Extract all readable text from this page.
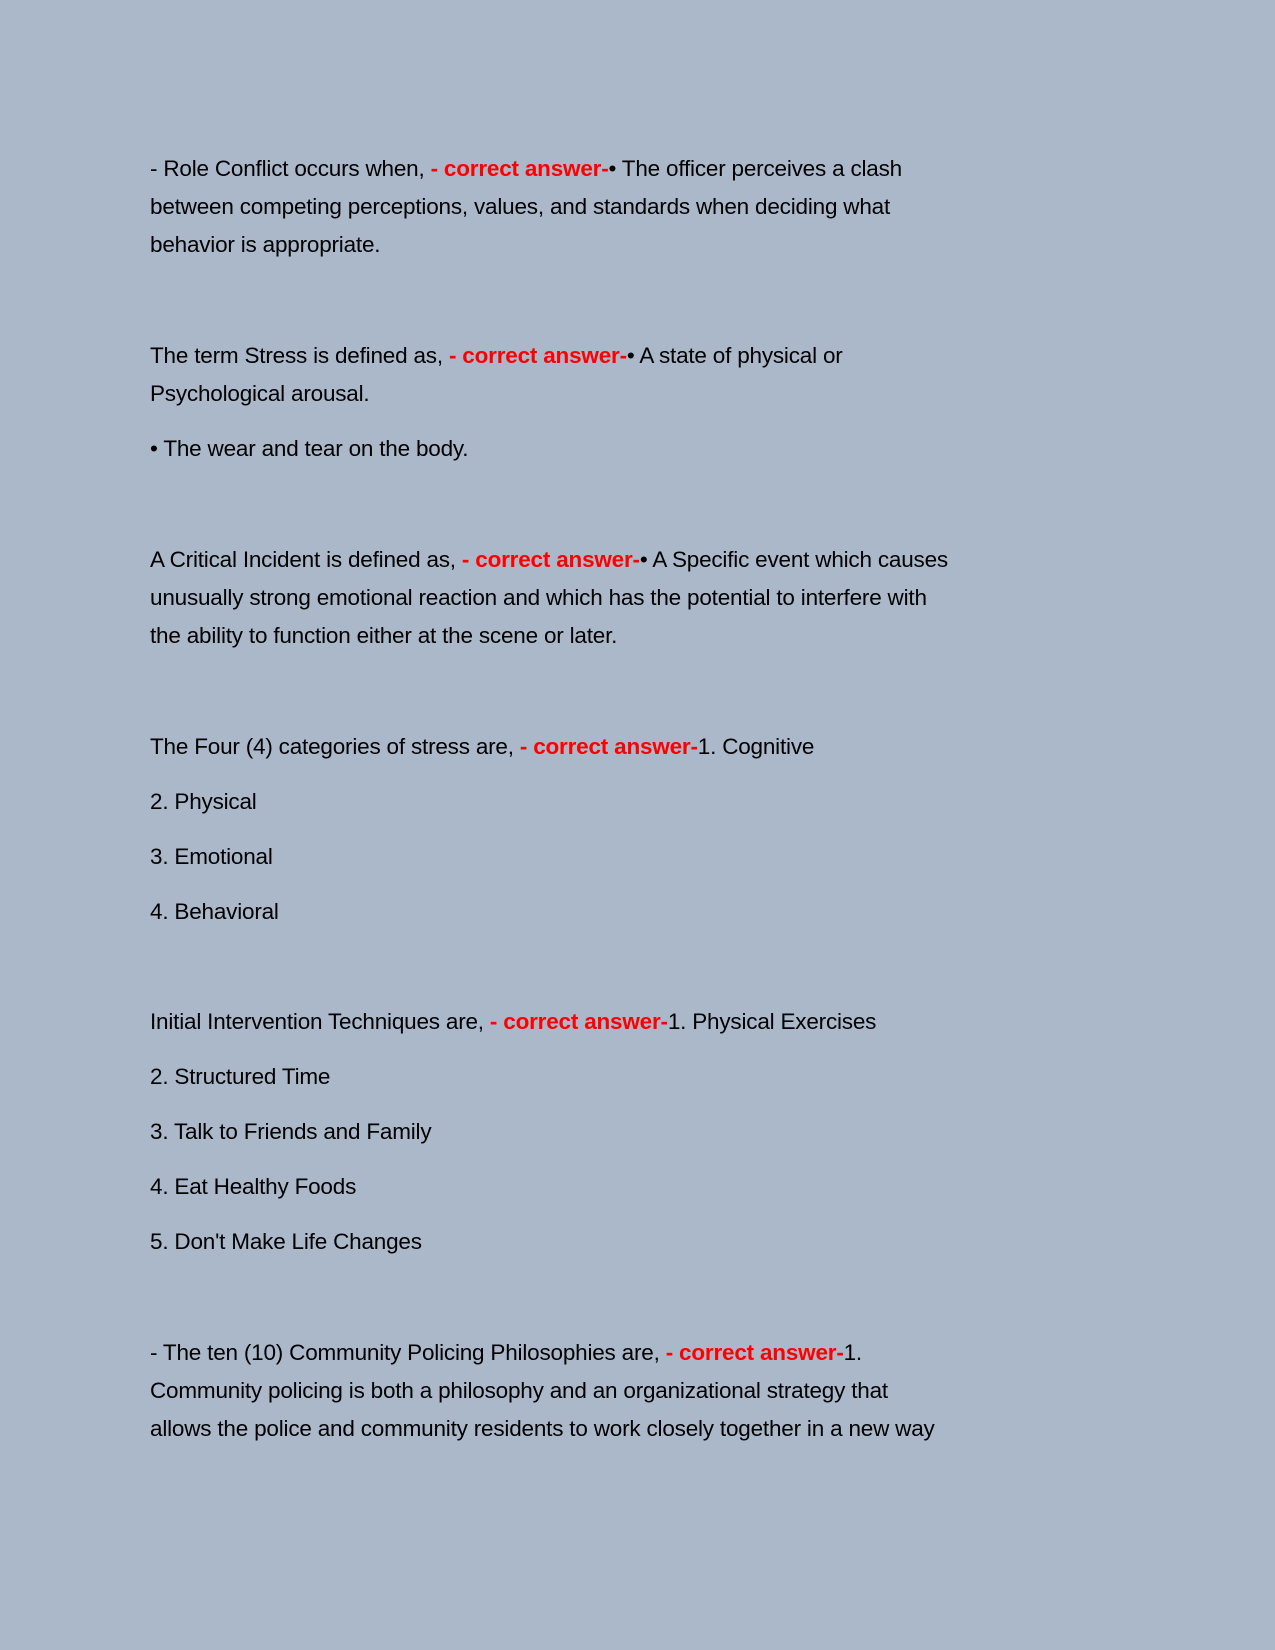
- Role Conflict occurs when, - correct answer-• The officer perceives a clash
between competing perceptions, values, and standards when deciding what
behavior is appropriate.
The term Stress is defined as, - correct answer-• A state of physical or
Psychological arousal.
• The wear and tear on the body.
A Critical Incident is defined as, - correct answer-• A Specific event which causes
unusually strong emotional reaction and which has the potential to interfere with
the ability to function either at the scene or later.
The Four (4) categories of stress are, - correct answer-1. Cognitive
2. Physical
3. Emotional
4. Behavioral
Initial Intervention Techniques are, - correct answer-1. Physical Exercises
2. Structured Time
3. Talk to Friends and Family
4. Eat Healthy Foods
5. Don't Make Life Changes
- The ten (10) Community Policing Philosophies are, - correct answer-1.
Community policing is both a philosophy and an organizational strategy that
allows the police and community residents to work closely together in a new way
